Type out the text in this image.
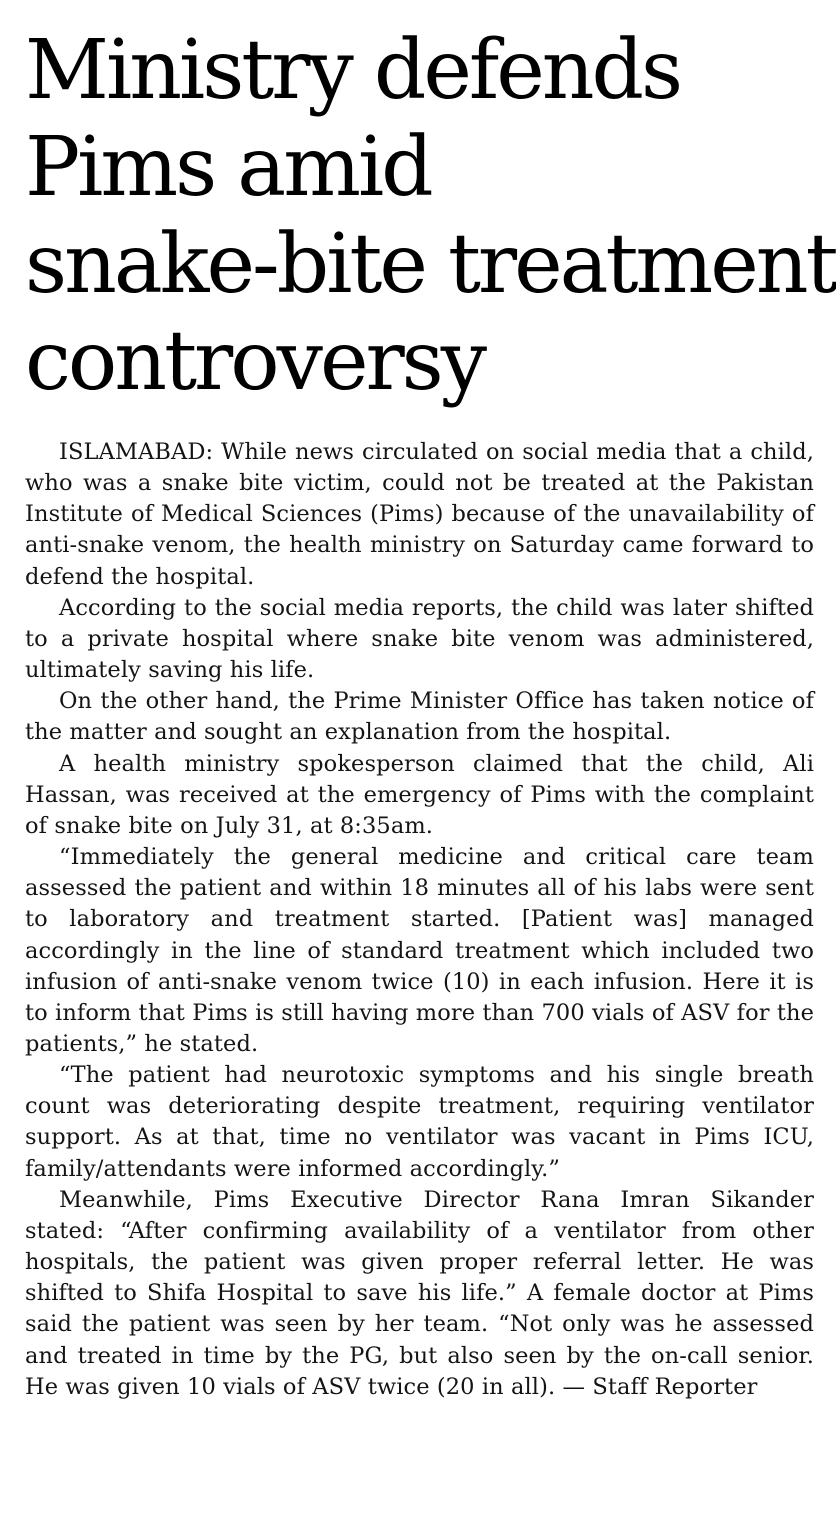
Ministry defends
Pims amid
snake-bite treatment
controversy

ISLAMABAD: While news circulated on social media that a child, who was a snake bite victim, could not be treated at the Pakistan Institute of Medical Sciences (Pims) because of the unavailability of anti-snake venom, the health ministry on Saturday came forward to defend the hospital.

According to the social media reports, the child was later shifted to a private hospital where snake bite venom was administered, ultimately saving his life.

On the other hand, the Prime Minister Office has taken notice of the matter and sought an explanation from the hospital.

A health ministry spokesperson claimed that the child, Ali Hassan, was received at the emergency of Pims with the complaint of snake bite on July 31, at 8:35am.

“Immediately the general medicine and critical care team assessed the patient and within 18 minutes all of his labs were sent to laboratory and treatment started. [Patient was] managed accordingly in the line of standard treatment which included two infusion of anti-snake venom twice (10) in each infusion. Here it is to inform that Pims is still having more than 700 vials of ASV for the patients,” he stated.

“The patient had neurotoxic symptoms and his single breath count was deteriorating despite treatment, requiring ventilator support. As at that, time no ventilator was vacant in Pims ICU, family/attendants were informed accordingly.”

Meanwhile, Pims Executive Director Rana Imran Sikander stated: “After confirming availability of a ventilator from other hospitals, the patient was given proper referral letter. He was shifted to Shifa Hospital to save his life.” A female doctor at Pims said the patient was seen by her team. “Not only was he assessed and treated in time by the PG, but also seen by the on-call senior. He was given 10 vials of ASV twice (20 in all). — Staff Reporter
